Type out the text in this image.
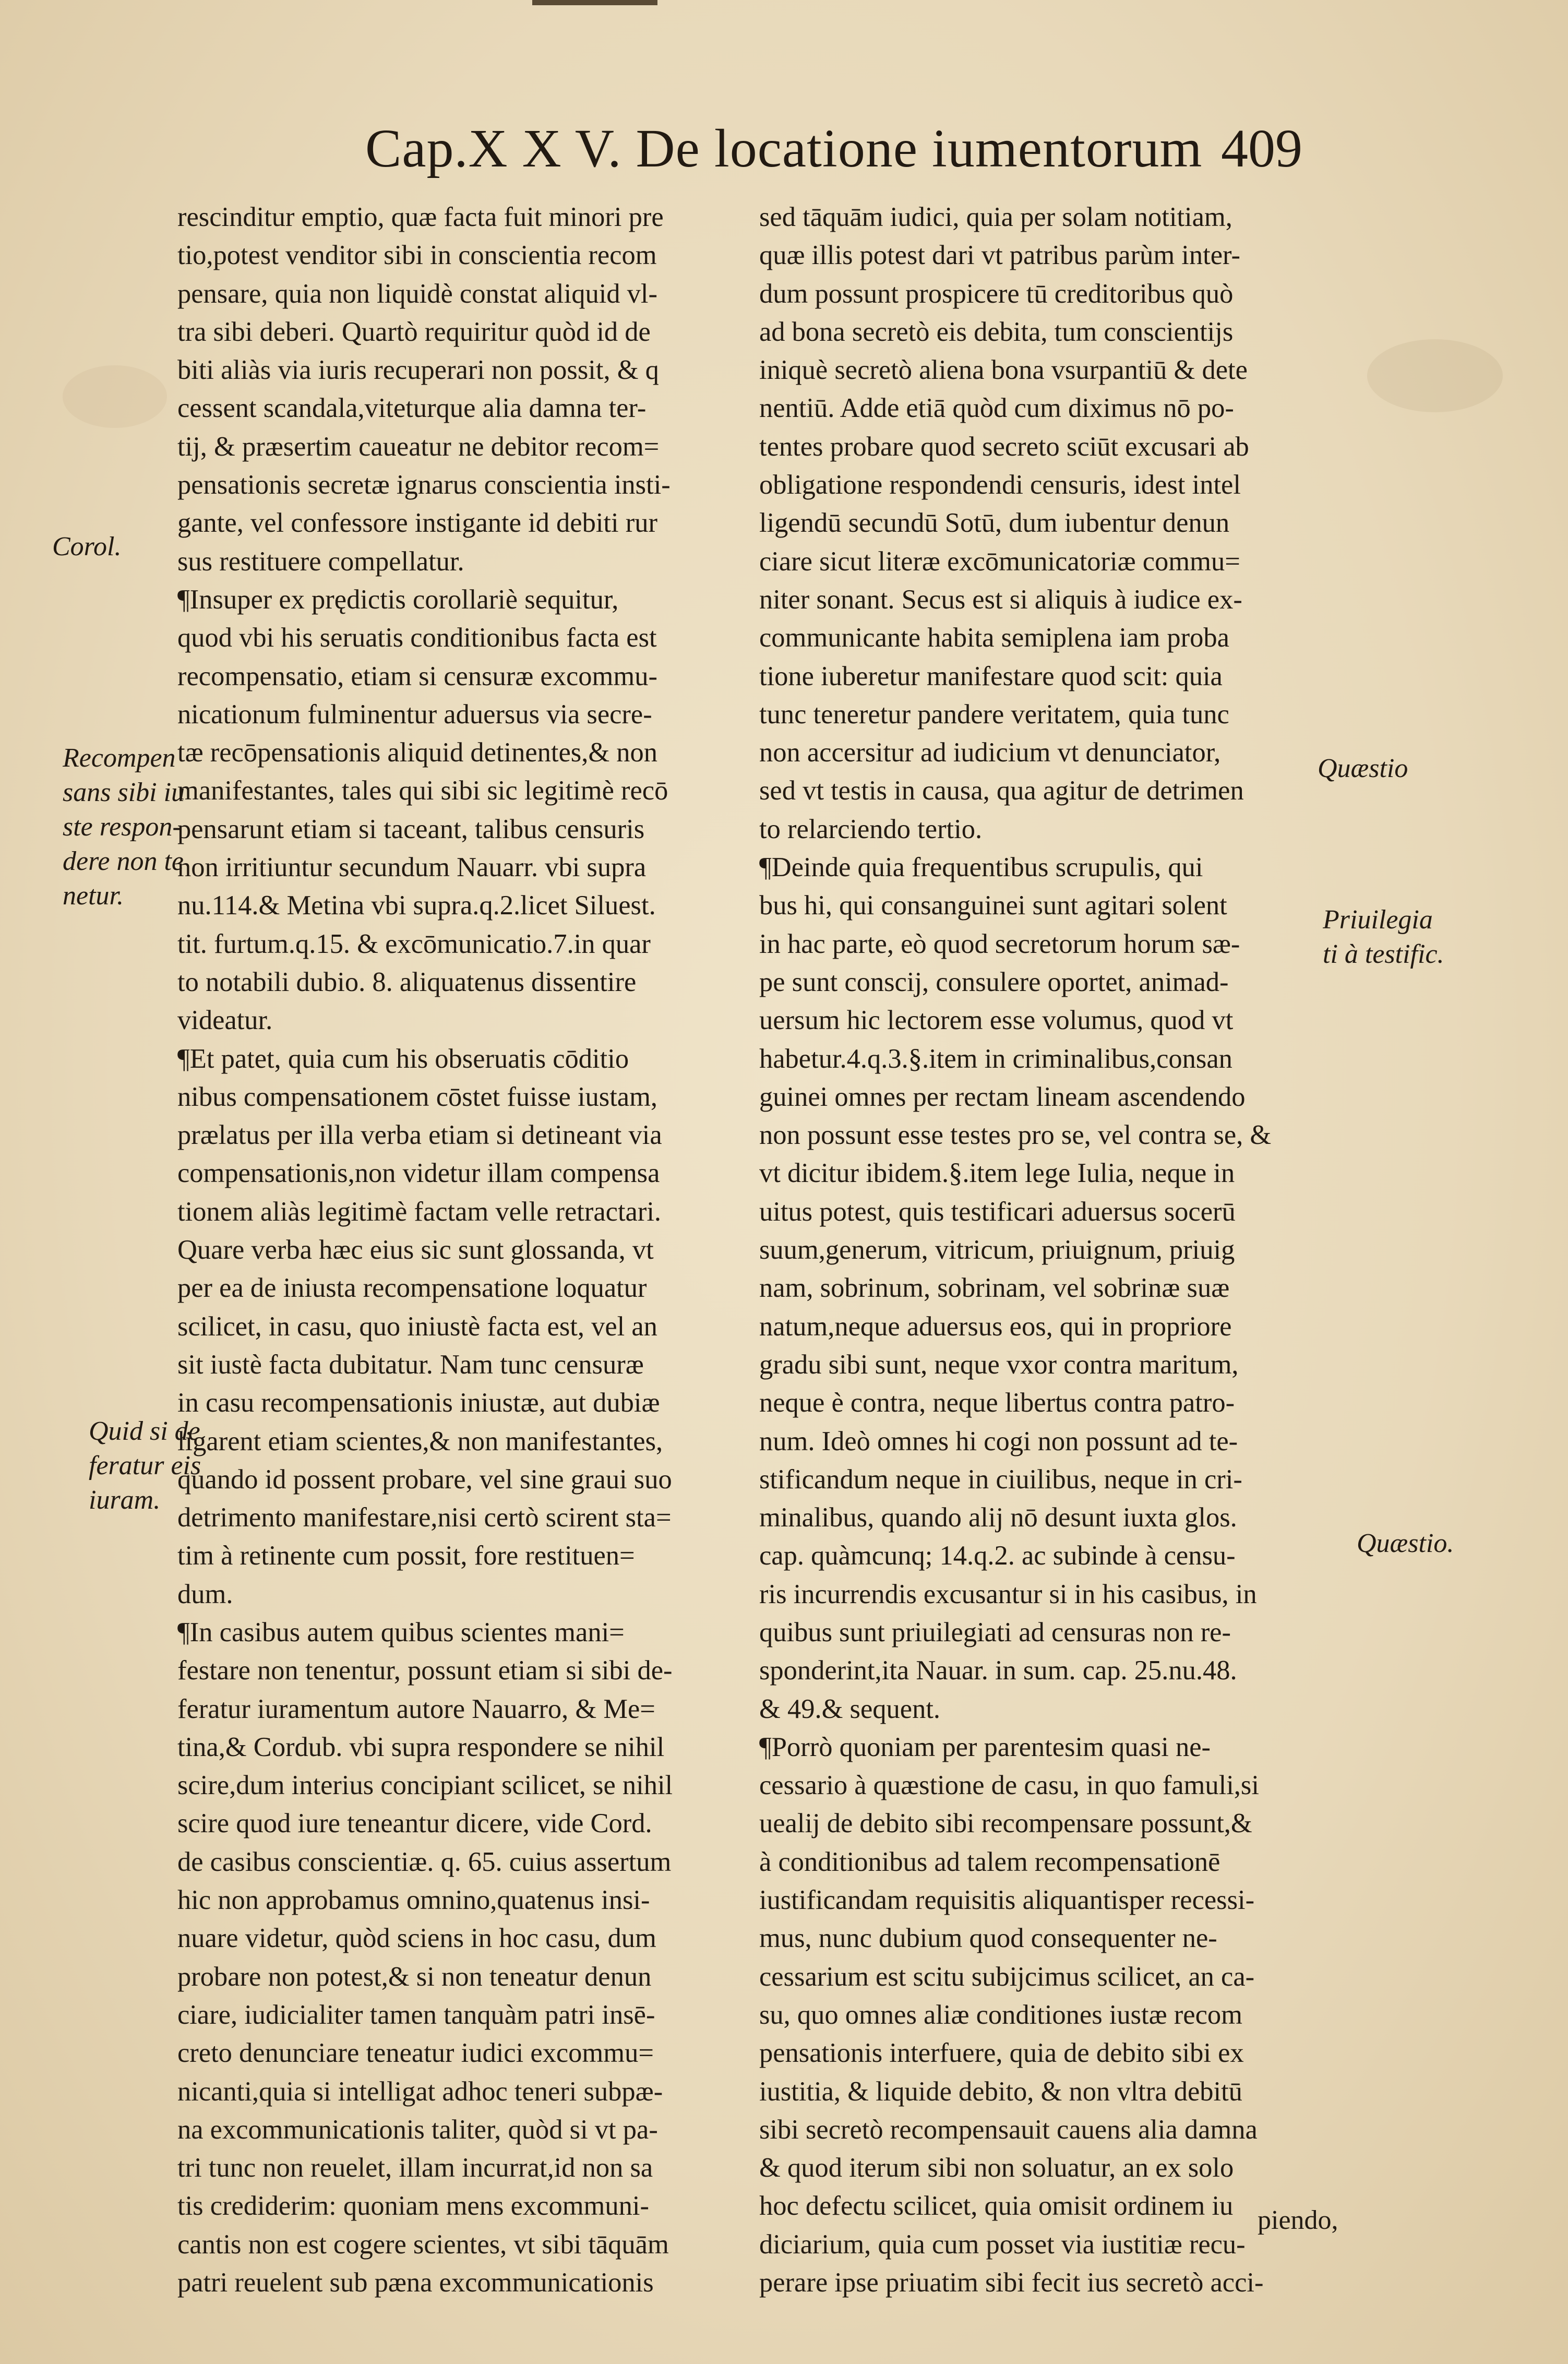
Cap.X X V. De locatione iumentorum 409
rescinditur emptio, quæ facta fuit minori pre
tio,potest venditor sibi in conscientia recom
pensare, quia non liquidè constat aliquid vl-
tra sibi deberi. Quartò requiritur quòd id de
biti aliàs via iuris recuperari non possit, & q
cessent scandala,viteturque alia damna ter-
tij, & præsertim caueatur ne debitor recom=
pensationis secretæ ignarus conscientia insti-
gante, vel confessore instigante id debiti rur
sus restituere compellatur.
¶Insuper ex prędictis corollariè sequitur,
quod vbi his seruatis conditionibus facta est
recompensatio, etiam si censuræ excommu-
nicationum fulminentur aduersus via secre-
tæ recōpensationis aliquid detinentes,& non
manifestantes, tales qui sibi sic legitimè recō
pensarunt etiam si taceant, talibus censuris
non irritiuntur secundum Nauarr. vbi supra
nu.114.& Metina vbi supra.q.2.licet Siluest.
tit. furtum.q.15. & excōmunicatio.7.in quar
to notabili dubio. 8. aliquatenus dissentire
videatur.
¶Et patet, quia cum his obseruatis cōditio
nibus compensationem cōstet fuisse iustam,
prælatus per illa verba etiam si detineant via
compensationis,non videtur illam compensa
tionem aliàs legitimè factam velle retractari.
Quare verba hæc eius sic sunt glossanda, vt
per ea de iniusta recompensatione loquatur
scilicet, in casu, quo iniustè facta est, vel an
sit iustè facta dubitatur. Nam tunc censuræ
in casu recompensationis iniustæ, aut dubiæ
ligarent etiam scientes,& non manifestantes,
quando id possent probare, vel sine graui suo
detrimento manifestare,nisi certò scirent sta=
tim à retinente cum possit, fore restituen=
dum.
¶In casibus autem quibus scientes mani=
festare non tenentur, possunt etiam si sibi de-
feratur iuramentum autore Nauarro, & Me=
tina,& Cordub. vbi supra respondere se nihil
scire,dum interius concipiant scilicet, se nihil
scire quod iure teneantur dicere, vide Cord.
de casibus conscientiæ. q. 65. cuius assertum
hic non approbamus omnino,quatenus insi-
nuare videtur, quòd sciens in hoc casu, dum
probare non potest,& si non teneatur denun
ciare, iudicialiter tamen tanquàm patri insē-
creto denunciare teneatur iudici excommu=
nicanti,quia si intelligat adhoc teneri subpæ-
na excommunicationis taliter, quòd si vt pa-
tri tunc non reuelet, illam incurrat,id non sa
tis crediderim: quoniam mens excommuni-
cantis non est cogere scientes, vt sibi tāquām
patri reuelent sub pæna excommunicationis
sed tāquām iudici, quia per solam notitiam,
quæ illis potest dari vt patribus parùm inter-
dum possunt prospicere tū creditoribus quò
ad bona secretò eis debita, tum conscientijs
iniquè secretò aliena bona vsurpantiū & dete
nentiū. Adde etiā quòd cum diximus nō po-
tentes probare quod secreto sciūt excusari ab
obligatione respondendi censuris, idest intel
ligendū secundū Sotū, dum iubentur denun
ciare sicut literæ excōmunicatoriæ commu=
niter sonant. Secus est si aliquis à iudice ex-
communicante habita semiplena iam proba
tione iuberetur manifestare quod scit: quia
tunc teneretur pandere veritatem, quia tunc
non accersitur ad iudicium vt denunciator,
sed vt testis in causa, qua agitur de detrimen
to relarciendo tertio.
¶Deinde quia frequentibus scrupulis, qui
bus hi, qui consanguinei sunt agitari solent
in hac parte, eò quod secretorum horum sæ-
pe sunt conscij, consulere oportet, animad-
uersum hic lectorem esse volumus, quod vt
habetur.4.q.3.§.item in criminalibus,consan
guinei omnes per rectam lineam ascendendo
non possunt esse testes pro se, vel contra se, &
vt dicitur ibidem.§.item lege Iulia, neque in
uitus potest, quis testificari aduersus socerū
suum,generum, vitricum, priuignum, priuig
nam, sobrinum, sobrinam, vel sobrinæ suæ
natum,neque aduersus eos, qui in propriore
gradu sibi sunt, neque vxor contra maritum,
neque è contra, neque libertus contra patro-
num. Ideò omnes hi cogi non possunt ad te-
stificandum neque in ciuilibus, neque in cri-
minalibus, quando alij nō desunt iuxta glos.
cap. quàmcunq; 14.q.2. ac subinde à censu-
ris incurrendis excusantur si in his casibus, in
quibus sunt priuilegiati ad censuras non re-
sponderint,ita Nauar. in sum. cap. 25.nu.48.
& 49.& sequent.
¶Porrò quoniam per parentesim quasi ne-
cessario à quæstione de casu, in quo famuli,si
uealij de debito sibi recompensare possunt,&
à conditionibus ad talem recompensationē
iustificandam requisitis aliquantisper recessi-
mus, nunc dubium quod consequenter ne-
cessarium est scitu subijcimus scilicet, an ca-
su, quo omnes aliæ conditiones iustæ recom
pensationis interfuere, quia de debito sibi ex
iustitia, & liquide debito, & non vltra debitū
sibi secretò recompensauit cauens alia damna
& quod iterum sibi non soluatur, an ex solo
hoc defectu scilicet, quia omisit ordinem iu
diciarium, quia cum posset via iustitiæ recu-
perare ipse priuatim sibi fecit ius secretò acci-
Corol.
Recompen
sans sibi iu
ste respon-
dere non te
netur.
Quæstio
Priuilegia
ti à testific.
Quid si de
feratur eis
iuram.
Quæstio.
piendo,
